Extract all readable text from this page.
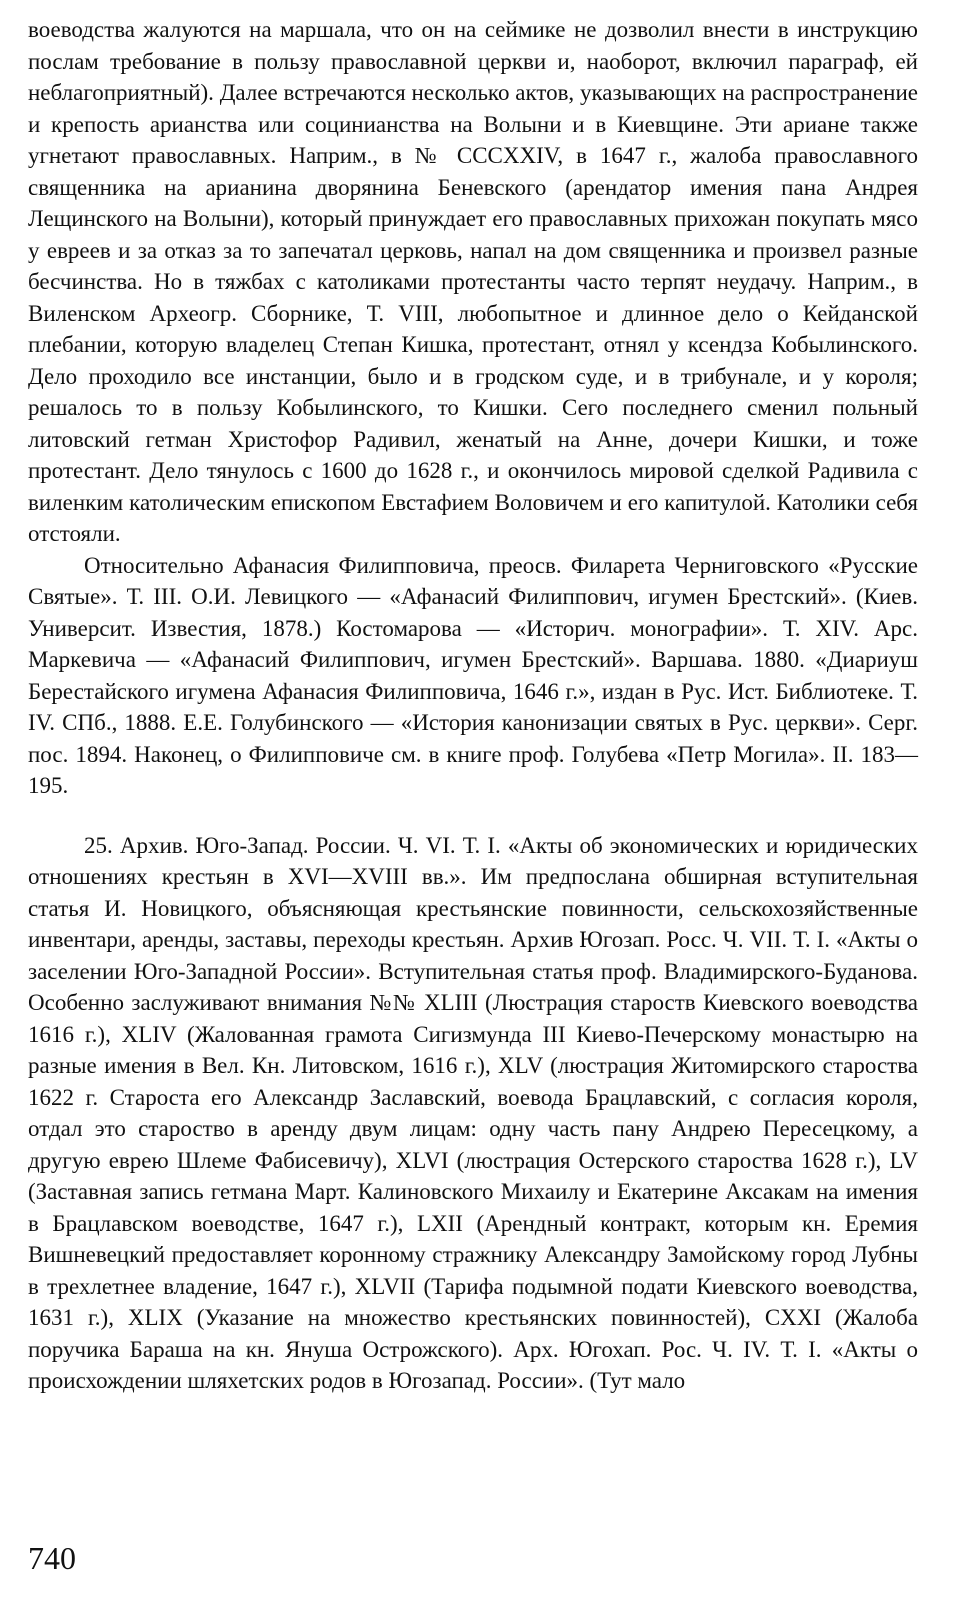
воеводства жалуются на маршала, что он на сеймике не дозволил внести в инструкцию послам требование в пользу православной церкви и, наоборот, включил параграф, ей неблагоприятный). Далее встречаются несколько актов, указывающих на распространение и крепость арианства или социнианства на Волыни и в Киевщине. Эти ариане также угнетают православных. Наприм., в № CCCXXIV, в 1647 г., жалоба православного священника на арианина дворянина Беневского (арендатор имения пана Андрея Лещинского на Волыни), который принуждает его православных прихожан покупать мясо у евреев и за отказ за то запечатал церковь, напал на дом священника и произвел разные бесчинства. Но в тяжбах с католиками протестанты часто терпят неудачу. Наприм., в Виленском Археогр. Сборнике, Т. VIII, любопытное и длинное дело о Кейданской плебании, которую владелец Степан Кишка, протестант, отнял у ксендза Кобылинского. Дело проходило все инстанции, было и в гродском суде, и в трибунале, и у короля; решалось то в пользу Кобылинского, то Кишки. Сего последнего сменил польный литовский гетман Христофор Радивил, женатый на Анне, дочери Кишки, и тоже протестант. Дело тянулось с 1600 до 1628 г., и окончилось мировой сделкой Радивила с виленким католическим епископом Евстафием Воловичем и его капитулой. Католики себя отстояли.

Относительно Афанасия Филипповича, преосв. Филарета Черниговского «Русские Святые». Т. III. О.И. Левицкого — «Афанасий Филиппович, игумен Брестский». (Киев. Университ. Известия, 1878.) Костомарова — «Историч. монографии». Т. XIV. Арс. Маркевича — «Афанасий Филиппович, игумен Брестский». Варшава. 1880. «Диариуш Берестайского игумена Афанасия Филипповича, 1646 г.», издан в Рус. Ист. Библиотеке. Т. IV. СПб., 1888. Е.Е. Голубинского — «История канонизации святых в Рус. церкви». Серг. пос. 1894. Наконец, о Филипповиче см. в книге проф. Голубева «Петр Могила». II. 183—195.

25. Архив. Юго-Запад. России. Ч. VI. Т. I. «Акты об экономических и юридических отношениях крестьян в XVI—XVIII вв.». Им предпослана обширная вступительная статья И. Новицкого, объясняющая крестьянские повинности, сельскохозяйственные инвентари, аренды, заставы, переходы крестьян. Архив Югозап. Росс. Ч. VII. Т. I. «Акты о заселении Юго-Западной России». Вступительная статья проф. Владимирского-Буданова. Особенно заслуживают внимания №№ XLIII (Люстрация староств Киевского воеводства 1616 г.), XLIV (Жалованная грамота Сигизмунда III Киево-Печерскому монастырю на разные имения в Вел. Кн. Литовском, 1616 г.), XLV (люстрация Житомирского староства 1622 г. Староста его Александр Заславский, воевода Брацлавский, с согласия короля, отдал это староство в аренду двум лицам: одну часть пану Андрею Пересецкому, а другую еврею Шлеме Фабисевичу), XLVI (люстрация Остерского староства 1628 г.), LV (Заставная запись гетмана Март. Калиновского Михаилу и Екатерине Аксакам на имения в Брацлавском воеводстве, 1647 г.), LXII (Арендный контракт, которым кн. Еремия Вишневецкий предоставляет коронному стражнику Александру Замойскому город Лубны в трехлетнее владение, 1647 г.), XLVII (Тарифа подымной подати Киевского воеводства, 1631 г.), XLIX (Указание на множество крестьянских повинностей), CXXI (Жалоба поручика Бараша на кн. Януша Острожского). Арх. Югохап. Рос. Ч. IV. Т. I. «Акты о происхождении шляхетских родов в Югозапад. России». (Тут мало

740
